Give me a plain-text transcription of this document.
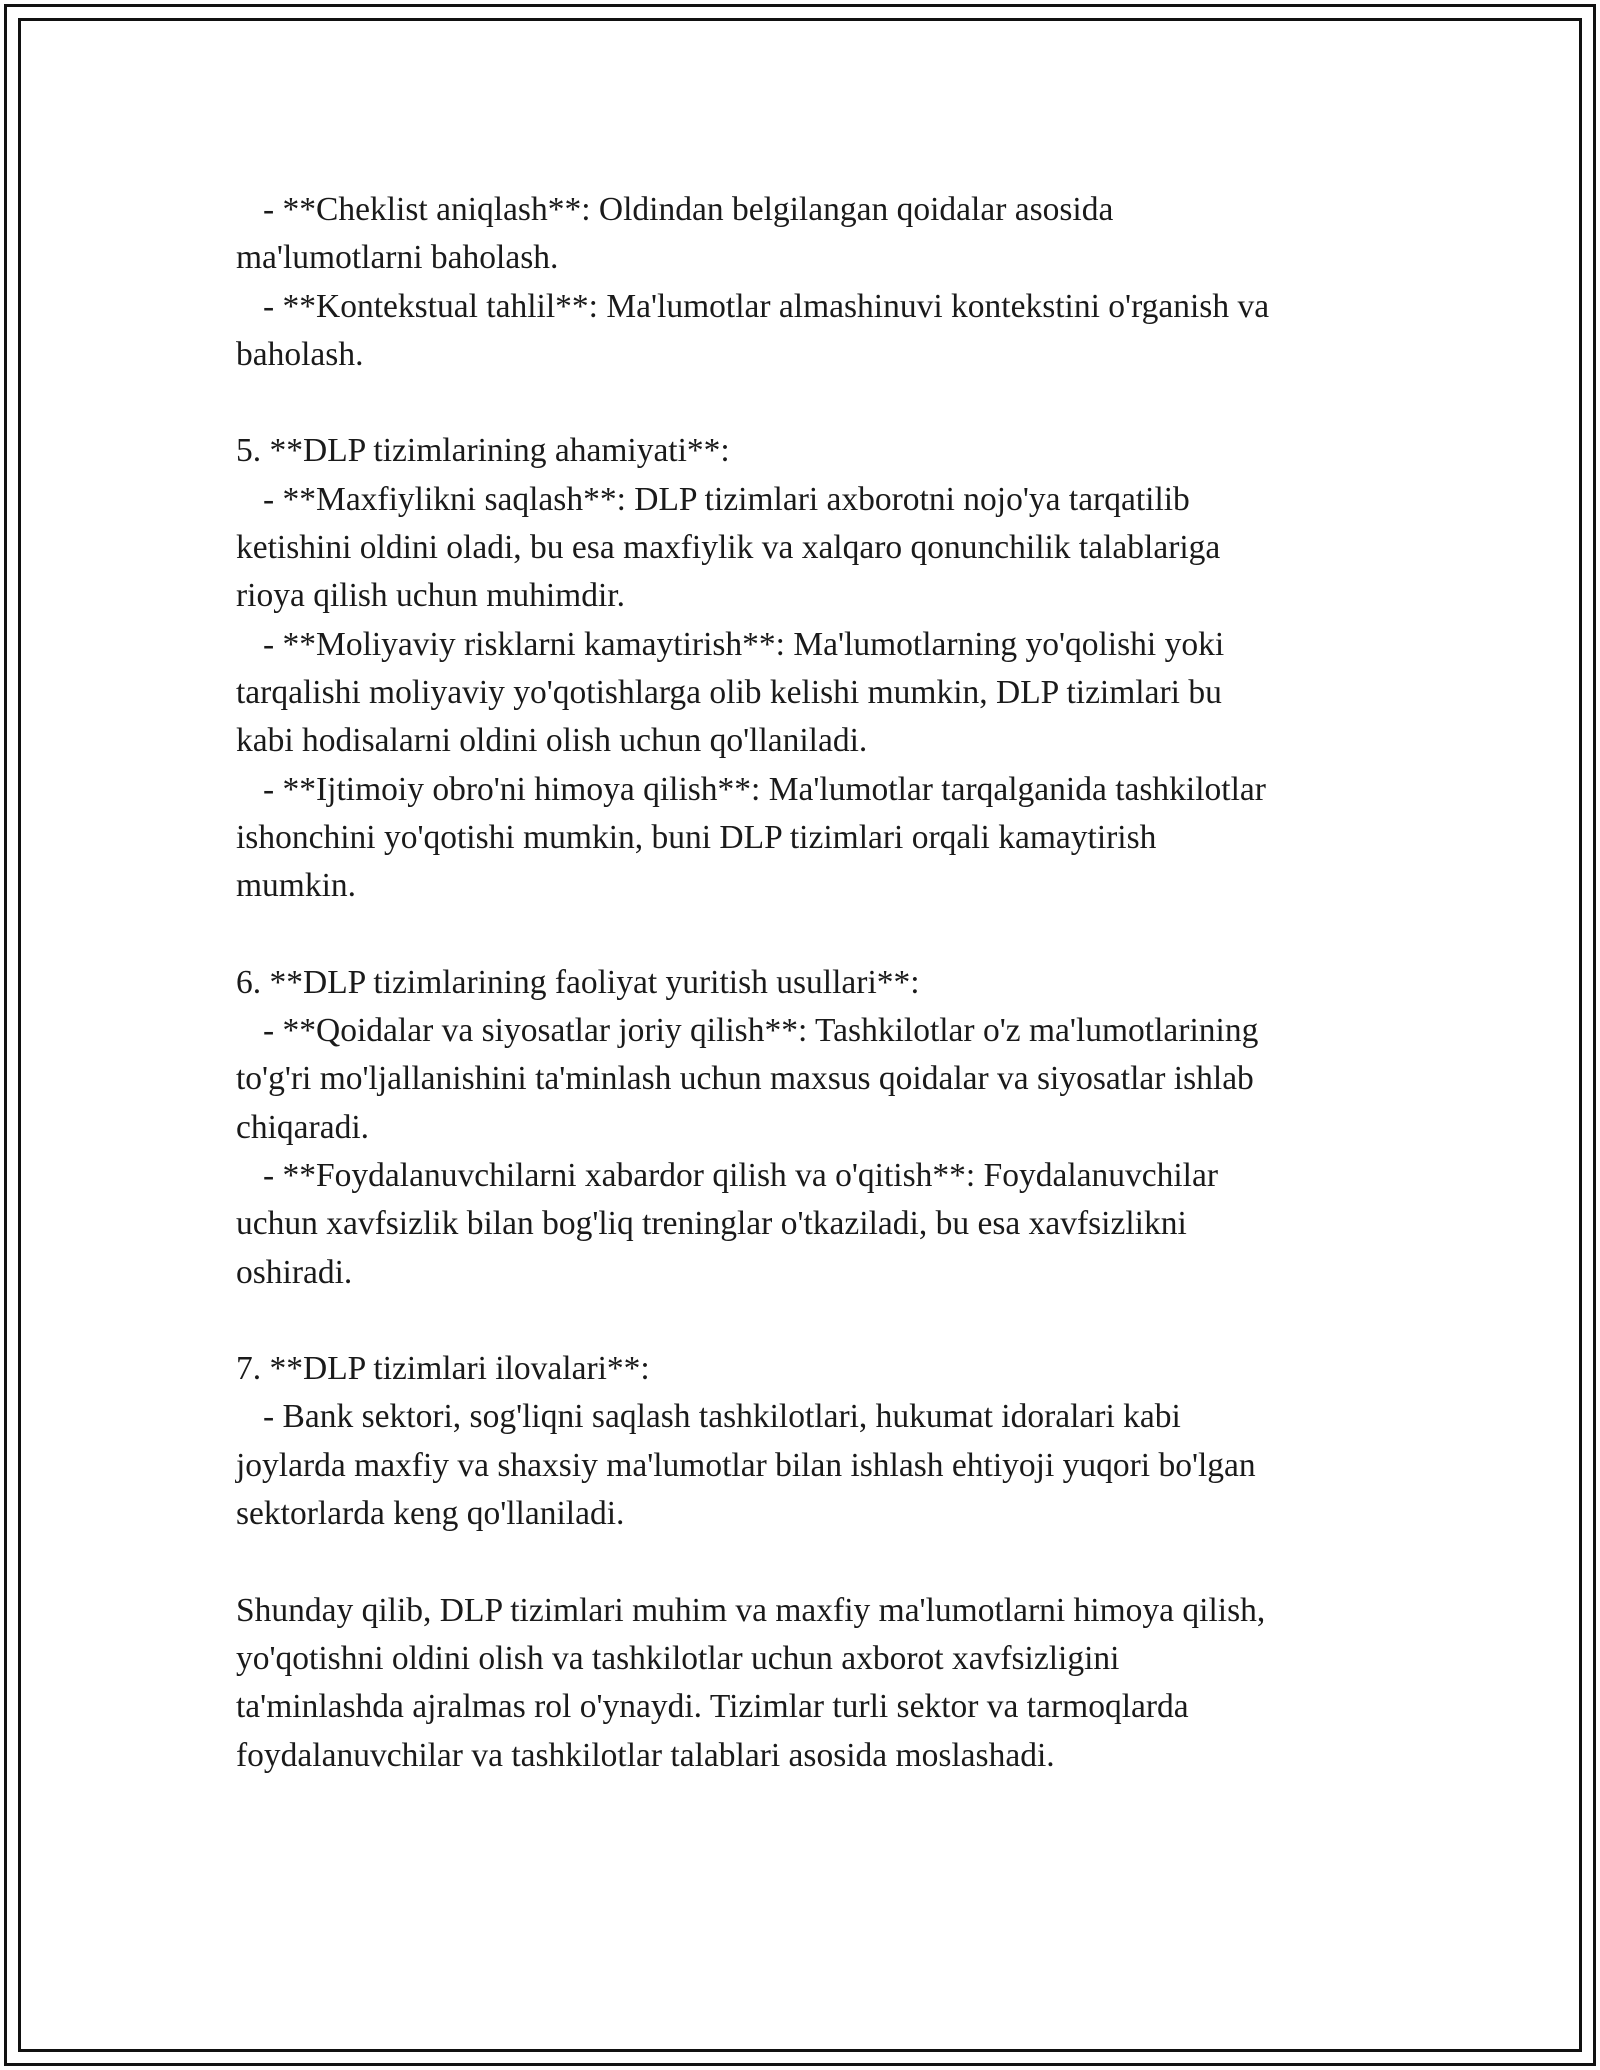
- **Cheklist aniqlash**: Oldindan belgilangan qoidalar asosida

ma'lumotlarni baholash.

- **Kontekstual tahlil**: Ma'lumotlar almashinuvi kontekstini o'rganish va

baholash.

5. **DLP tizimlarining ahamiyati**:

- **Maxfiylikni saqlash**: DLP tizimlari axborotni nojo'ya tarqatilib

ketishini oldini oladi, bu esa maxfiylik va xalqaro qonunchilik talablariga

rioya qilish uchun muhimdir.

- **Moliyaviy risklarni kamaytirish**: Ma'lumotlarning yo'qolishi yoki

tarqalishi moliyaviy yo'qotishlarga olib kelishi mumkin, DLP tizimlari bu

kabi hodisalarni oldini olish uchun qo'llaniladi.

- **Ijtimoiy obro'ni himoya qilish**: Ma'lumotlar tarqalganida tashkilotlar

ishonchini yo'qotishi mumkin, buni DLP tizimlari orqali kamaytirish

mumkin.

6. **DLP tizimlarining faoliyat yuritish usullari**:

- **Qoidalar va siyosatlar joriy qilish**: Tashkilotlar o'z ma'lumotlarining

to'g'ri mo'ljallanishini ta'minlash uchun maxsus qoidalar va siyosatlar ishlab

chiqaradi.

- **Foydalanuvchilarni xabardor qilish va o'qitish**: Foydalanuvchilar

uchun xavfsizlik bilan bog'liq treninglar o'tkaziladi, bu esa xavfsizlikni

oshiradi.

7. **DLP tizimlari ilovalari**:

- Bank sektori, sog'liqni saqlash tashkilotlari, hukumat idoralari kabi

joylarda maxfiy va shaxsiy ma'lumotlar bilan ishlash ehtiyoji yuqori bo'lgan

sektorlarda keng qo'llaniladi.

Shunday qilib, DLP tizimlari muhim va maxfiy ma'lumotlarni himoya qilish,

yo'qotishni oldini olish va tashkilotlar uchun axborot xavfsizligini

ta'minlashda ajralmas rol o'ynaydi. Tizimlar turli sektor va tarmoqlarda

foydalanuvchilar va tashkilotlar talablari asosida moslashadi.
